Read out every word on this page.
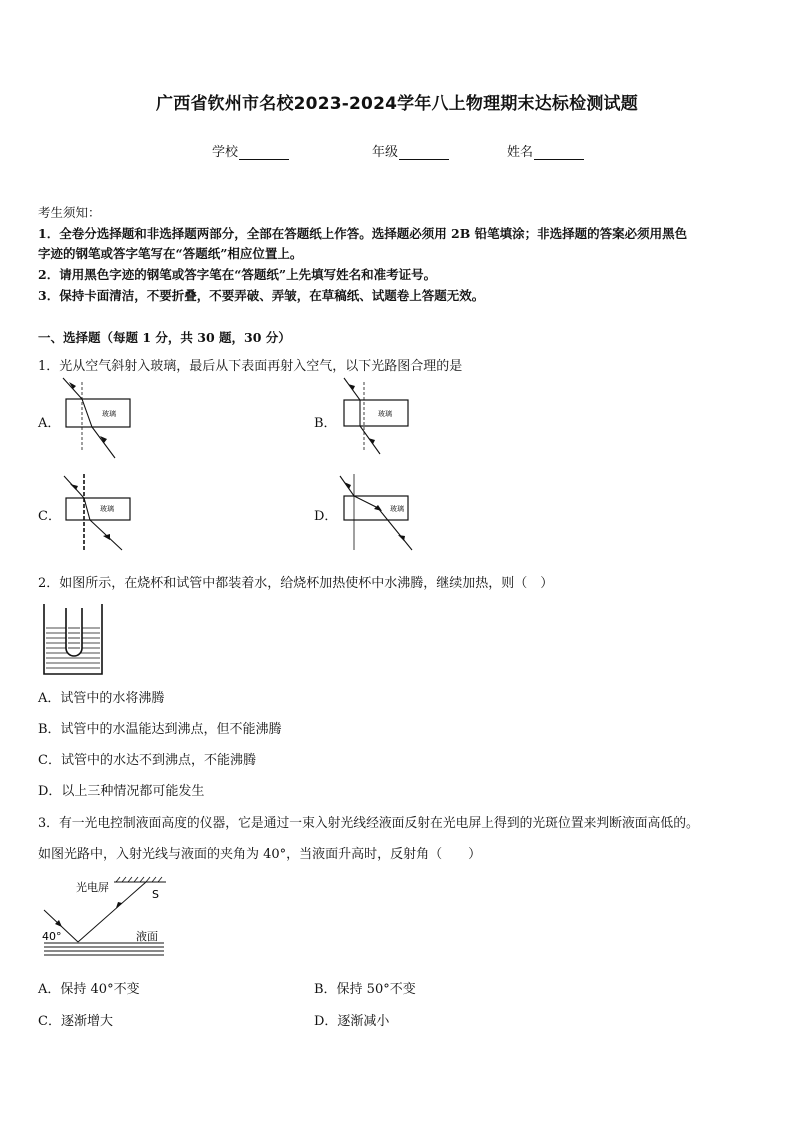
广西省钦州市名校2023-2024学年八上物理期末达标检测试题
学校	年级	姓名
考生须知：
1．全卷分选择题和非选择题两部分，全部在答题纸上作答。选择题必须用 2B 铅笔填涂；非选择题的答案必须用黑色
字迹的钢笔或答字笔写在“答题纸”相应位置上。
2．请用黑色字迹的钢笔或答字笔在“答题纸”上先填写姓名和准考证号。
3．保持卡面清洁，不要折叠，不要弄破、弄皱，在草稿纸、试题卷上答题无效。
一、选择题（每题 1 分，共 30 题，30 分）
1．光从空气斜射入玻璃，最后从下表面再射入空气，以下光路图合理的是
A．	B．
C．	D．
玻璃	玻璃
玻璃	玻璃
2．如图所示，在烧杯和试管中都装着水，给烧杯加热使杯中水沸腾，继续加热，则（　）
A．试管中的水将沸腾
B．试管中的水温能达到沸点，但不能沸腾
C．试管中的水达不到沸点，不能沸腾
D．以上三种情况都可能发生
3．有一光电控制液面高度的仪器，它是通过一束入射光线经液面反射在光电屏上得到的光斑位置来判断液面高低的。
如图光路中，入射光线与液面的夹角为 40°，当液面升高时，反射角（　　）
光电屏
S
40°	液面
A．保持 40°不变	B．保持 50°不变
C．逐渐增大	D．逐渐减小
